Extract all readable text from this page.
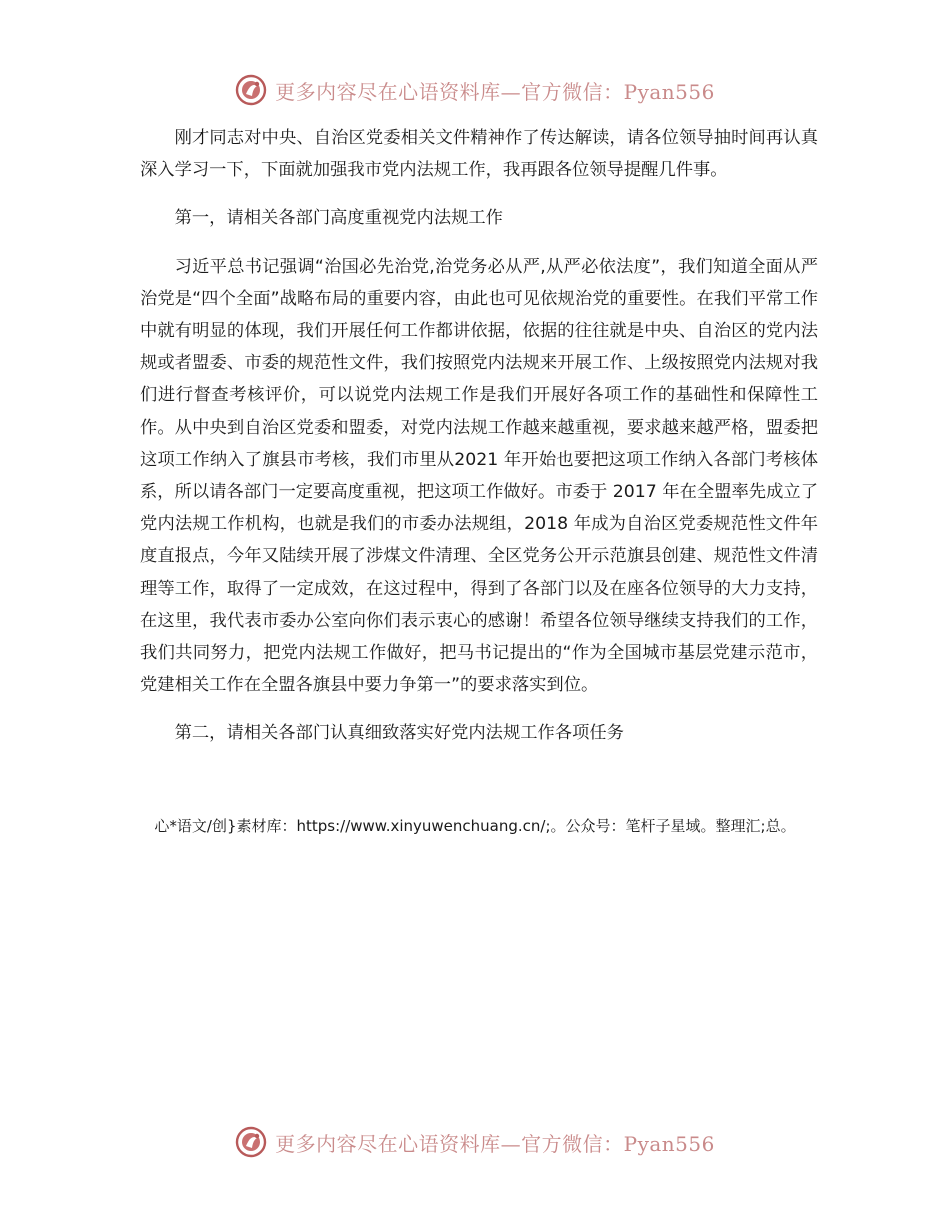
更多内容尽在心语资料库—官方微信：Pyan556

刚才同志对中央、自治区党委相关文件精神作了传达解读，请各位领导抽时间再认真深入学习一下，下面就加强我市党内法规工作，我再跟各位领导提醒几件事。

第一，请相关各部门高度重视党内法规工作

习近平总书记强调“治国必先治党,治党务必从严,从严必依法度”，我们知道全面从严治党是“四个全面”战略布局的重要内容，由此也可见依规治党的重要性。在我们平常工作中就有明显的体现，我们开展任何工作都讲依据，依据的往往就是中央、自治区的党内法规或者盟委、市委的规范性文件，我们按照党内法规来开展工作、上级按照党内法规对我们进行督查考核评价，可以说党内法规工作是我们开展好各项工作的基础性和保障性工作。从中央到自治区党委和盟委，对党内法规工作越来越重视，要求越来越严格，盟委把这项工作纳入了旗县市考核，我们市里从2021 年开始也要把这项工作纳入各部门考核体系，所以请各部门一定要高度重视，把这项工作做好。市委于 2017 年在全盟率先成立了党内法规工作机构，也就是我们的市委办法规组，2018 年成为自治区党委规范性文件年度直报点，今年又陆续开展了涉煤文件清理、全区党务公开示范旗县创建、规范性文件清理等工作，取得了一定成效，在这过程中，得到了各部门以及在座各位领导的大力支持，在这里，我代表市委办公室向你们表示衷心的感谢！希望各位领导继续支持我们的工作，我们共同努力，把党内法规工作做好，把马书记提出的“作为全国城市基层党建示范市，党建相关工作在全盟各旗县中要力争第一”的要求落实到位。

第二，请相关各部门认真细致落实好党内法规工作各项任务

心*语文/创}素材库：https://www.xinyuwenchuang.cn/;。公众号：笔杆子星域。整理汇;总。
更多内容尽在心语资料库—官方微信：Pyan556
